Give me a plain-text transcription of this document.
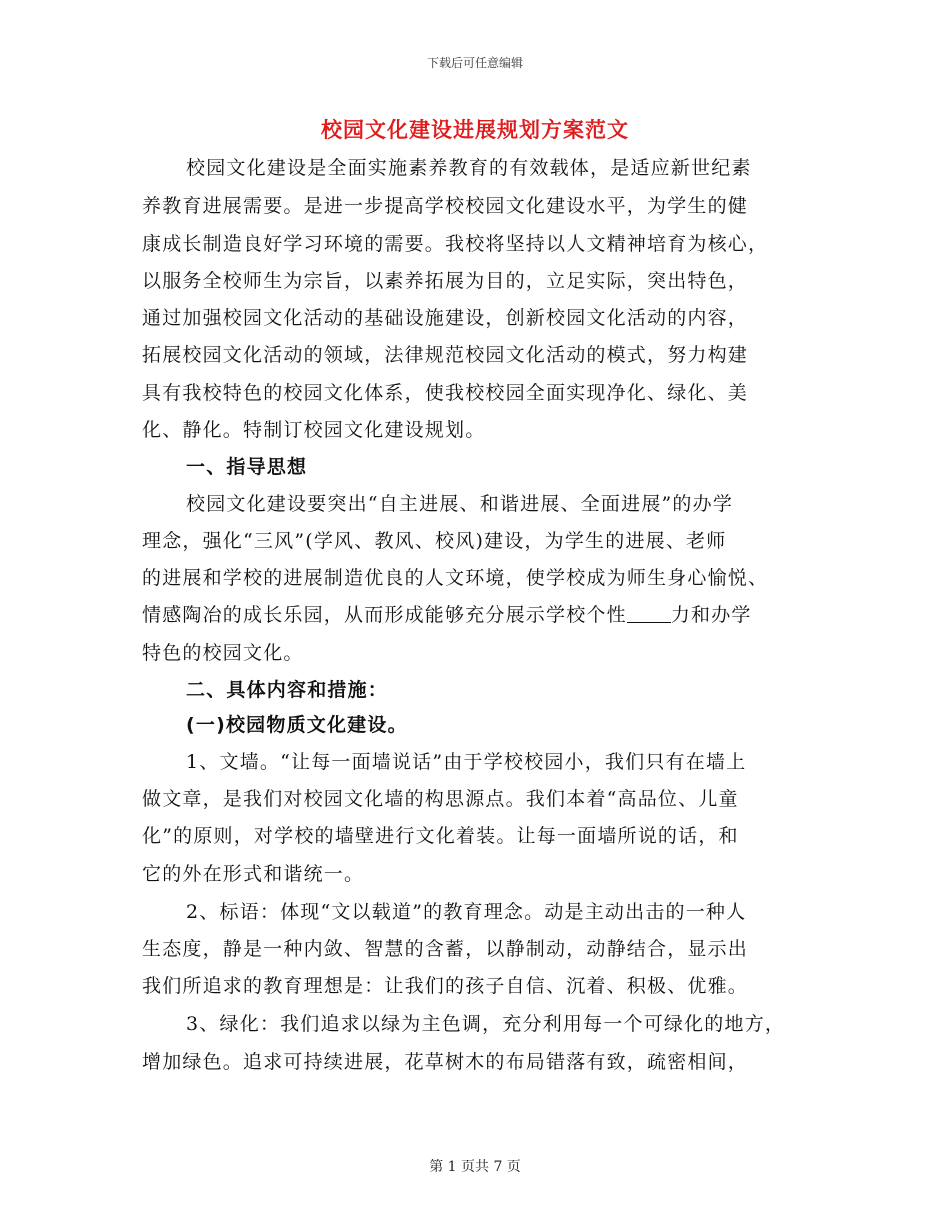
下载后可任意编辑
校园文化建设进展规划方案范文
校园文化建设是全面实施素养教育的有效载体，是适应新世纪素
养教育进展需要。是进一步提高学校校园文化建设水平，为学生的健
康成长制造良好学习环境的需要。我校将坚持以人文精神培育为核心，
以服务全校师生为宗旨，以素养拓展为目的，立足实际，突出特色，
通过加强校园文化活动的基础设施建设，创新校园文化活动的内容，
拓展校园文化活动的领域，法律规范校园文化活动的模式，努力构建
具有我校特色的校园文化体系，使我校校园全面实现净化、绿化、美
化、静化。特制订校园文化建设规划。
一、指导思想
校园文化建设要突出“自主进展、和谐进展、全面进展”的办学
理念，强化“三风”(学风、教风、校风)建设，为学生的进展、老师
的进展和学校的进展制造优良的人文环境，使学校成为师生身心愉悦、
情感陶冶的成长乐园，从而形成能够充分展示学校个性 力和办学
特色的校园文化。
二、具体内容和措施：
(一)校园物质文化建设。
1、文墙。“让每一面墙说话”由于学校校园小，我们只有在墙上
做文章，是我们对校园文化墙的构思源点。我们本着“高品位、儿童
化”的原则，对学校的墙壁进行文化着装。让每一面墙所说的话，和
它的外在形式和谐统一。
2、标语：体现“文以载道”的教育理念。动是主动出击的一种人
生态度，静是一种内敛、智慧的含蓄，以静制动，动静结合，显示出
我们所追求的教育理想是：让我们的孩子自信、沉着、积极、优雅。
3、绿化：我们追求以绿为主色调，充分利用每一个可绿化的地方，
增加绿色。追求可持续进展，花草树木的布局错落有致，疏密相间，
第 1 页共 7 页
